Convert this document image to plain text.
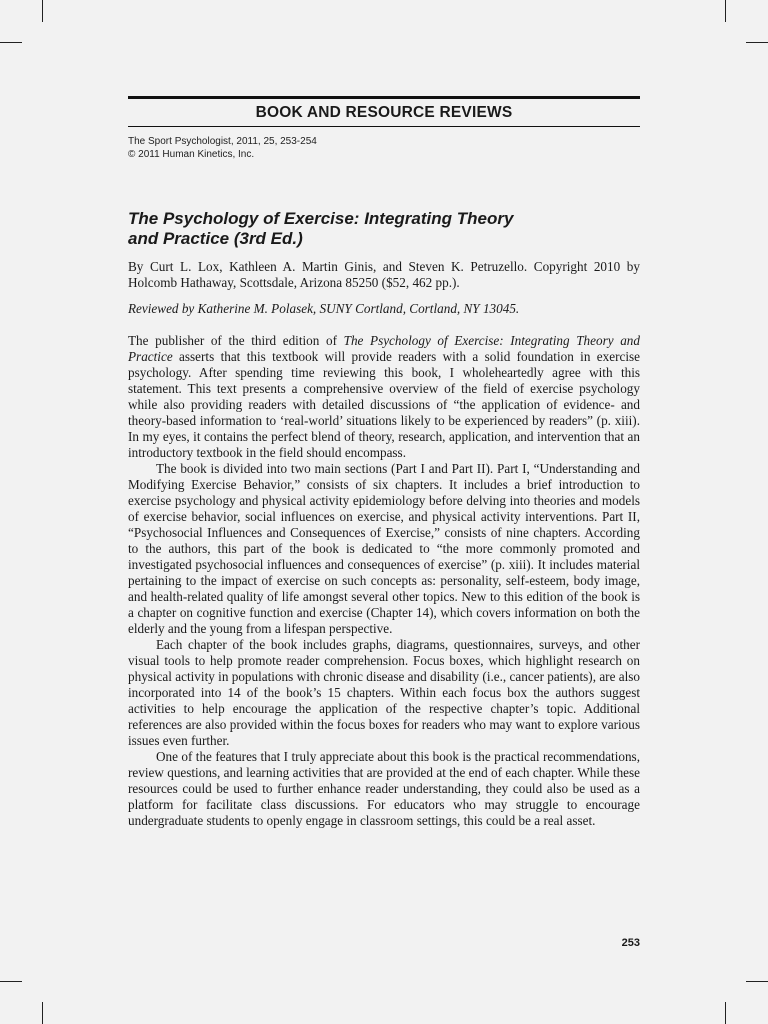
BOOK AND RESOURCE REVIEWS
The Sport Psychologist, 2011, 25, 253-254
© 2011 Human Kinetics, Inc.
The Psychology of Exercise: Integrating Theory
and Practice (3rd Ed.)

By Curt L. Lox, Kathleen A. Martin Ginis, and Steven K. Petruzello. Copyright 2010 by Holcomb Hathaway, Scottsdale, Arizona 85250 ($52, 462 pp.).

Reviewed by Katherine M. Polasek, SUNY Cortland, Cortland, NY 13045.

The publisher of the third edition of The Psychology of Exercise: Integrating Theory and Practice asserts that this textbook will provide readers with a solid foundation in exercise psychology. After spending time reviewing this book, I wholeheartedly agree with this statement. This text presents a comprehensive overview of the field of exercise psychology while also providing readers with detailed discussions of “the application of evidence- and theory-based information to ‘real-world’ situations likely to be experienced by readers” (p. xiii). In my eyes, it contains the perfect blend of theory, research, application, and intervention that an introductory textbook in the field should encompass.

The book is divided into two main sections (Part I and Part II). Part I, “Understanding and Modifying Exercise Behavior,” consists of six chapters. It includes a brief introduction to exercise psychology and physical activity epidemiology before delving into theories and models of exercise behavior, social influences on exercise, and physical activity interventions. Part II, “Psychosocial Influences and Consequences of Exercise,” consists of nine chapters. According to the authors, this part of the book is dedicated to “the more commonly promoted and investigated psychosocial influences and consequences of exercise” (p. xiii). It includes material pertaining to the impact of exercise on such concepts as: personality, self-esteem, body image, and health-related quality of life amongst several other topics. New to this edition of the book is a chapter on cognitive function and exercise (Chapter 14), which covers information on both the elderly and the young from a lifespan perspective.

Each chapter of the book includes graphs, diagrams, questionnaires, surveys, and other visual tools to help promote reader comprehension. Focus boxes, which highlight research on physical activity in populations with chronic disease and disability (i.e., cancer patients), are also incorporated into 14 of the book’s 15 chapters. Within each focus box the authors suggest activities to help encourage the application of the respective chapter’s topic. Additional references are also provided within the focus boxes for readers who may want to explore various issues even further.

One of the features that I truly appreciate about this book is the practical recommendations, review questions, and learning activities that are provided at the end of each chapter. While these resources could be used to further enhance reader understanding, they could also be used as a platform for facilitate class discussions. For educators who may struggle to encourage undergraduate students to openly engage in classroom settings, this could be a real asset.

253
